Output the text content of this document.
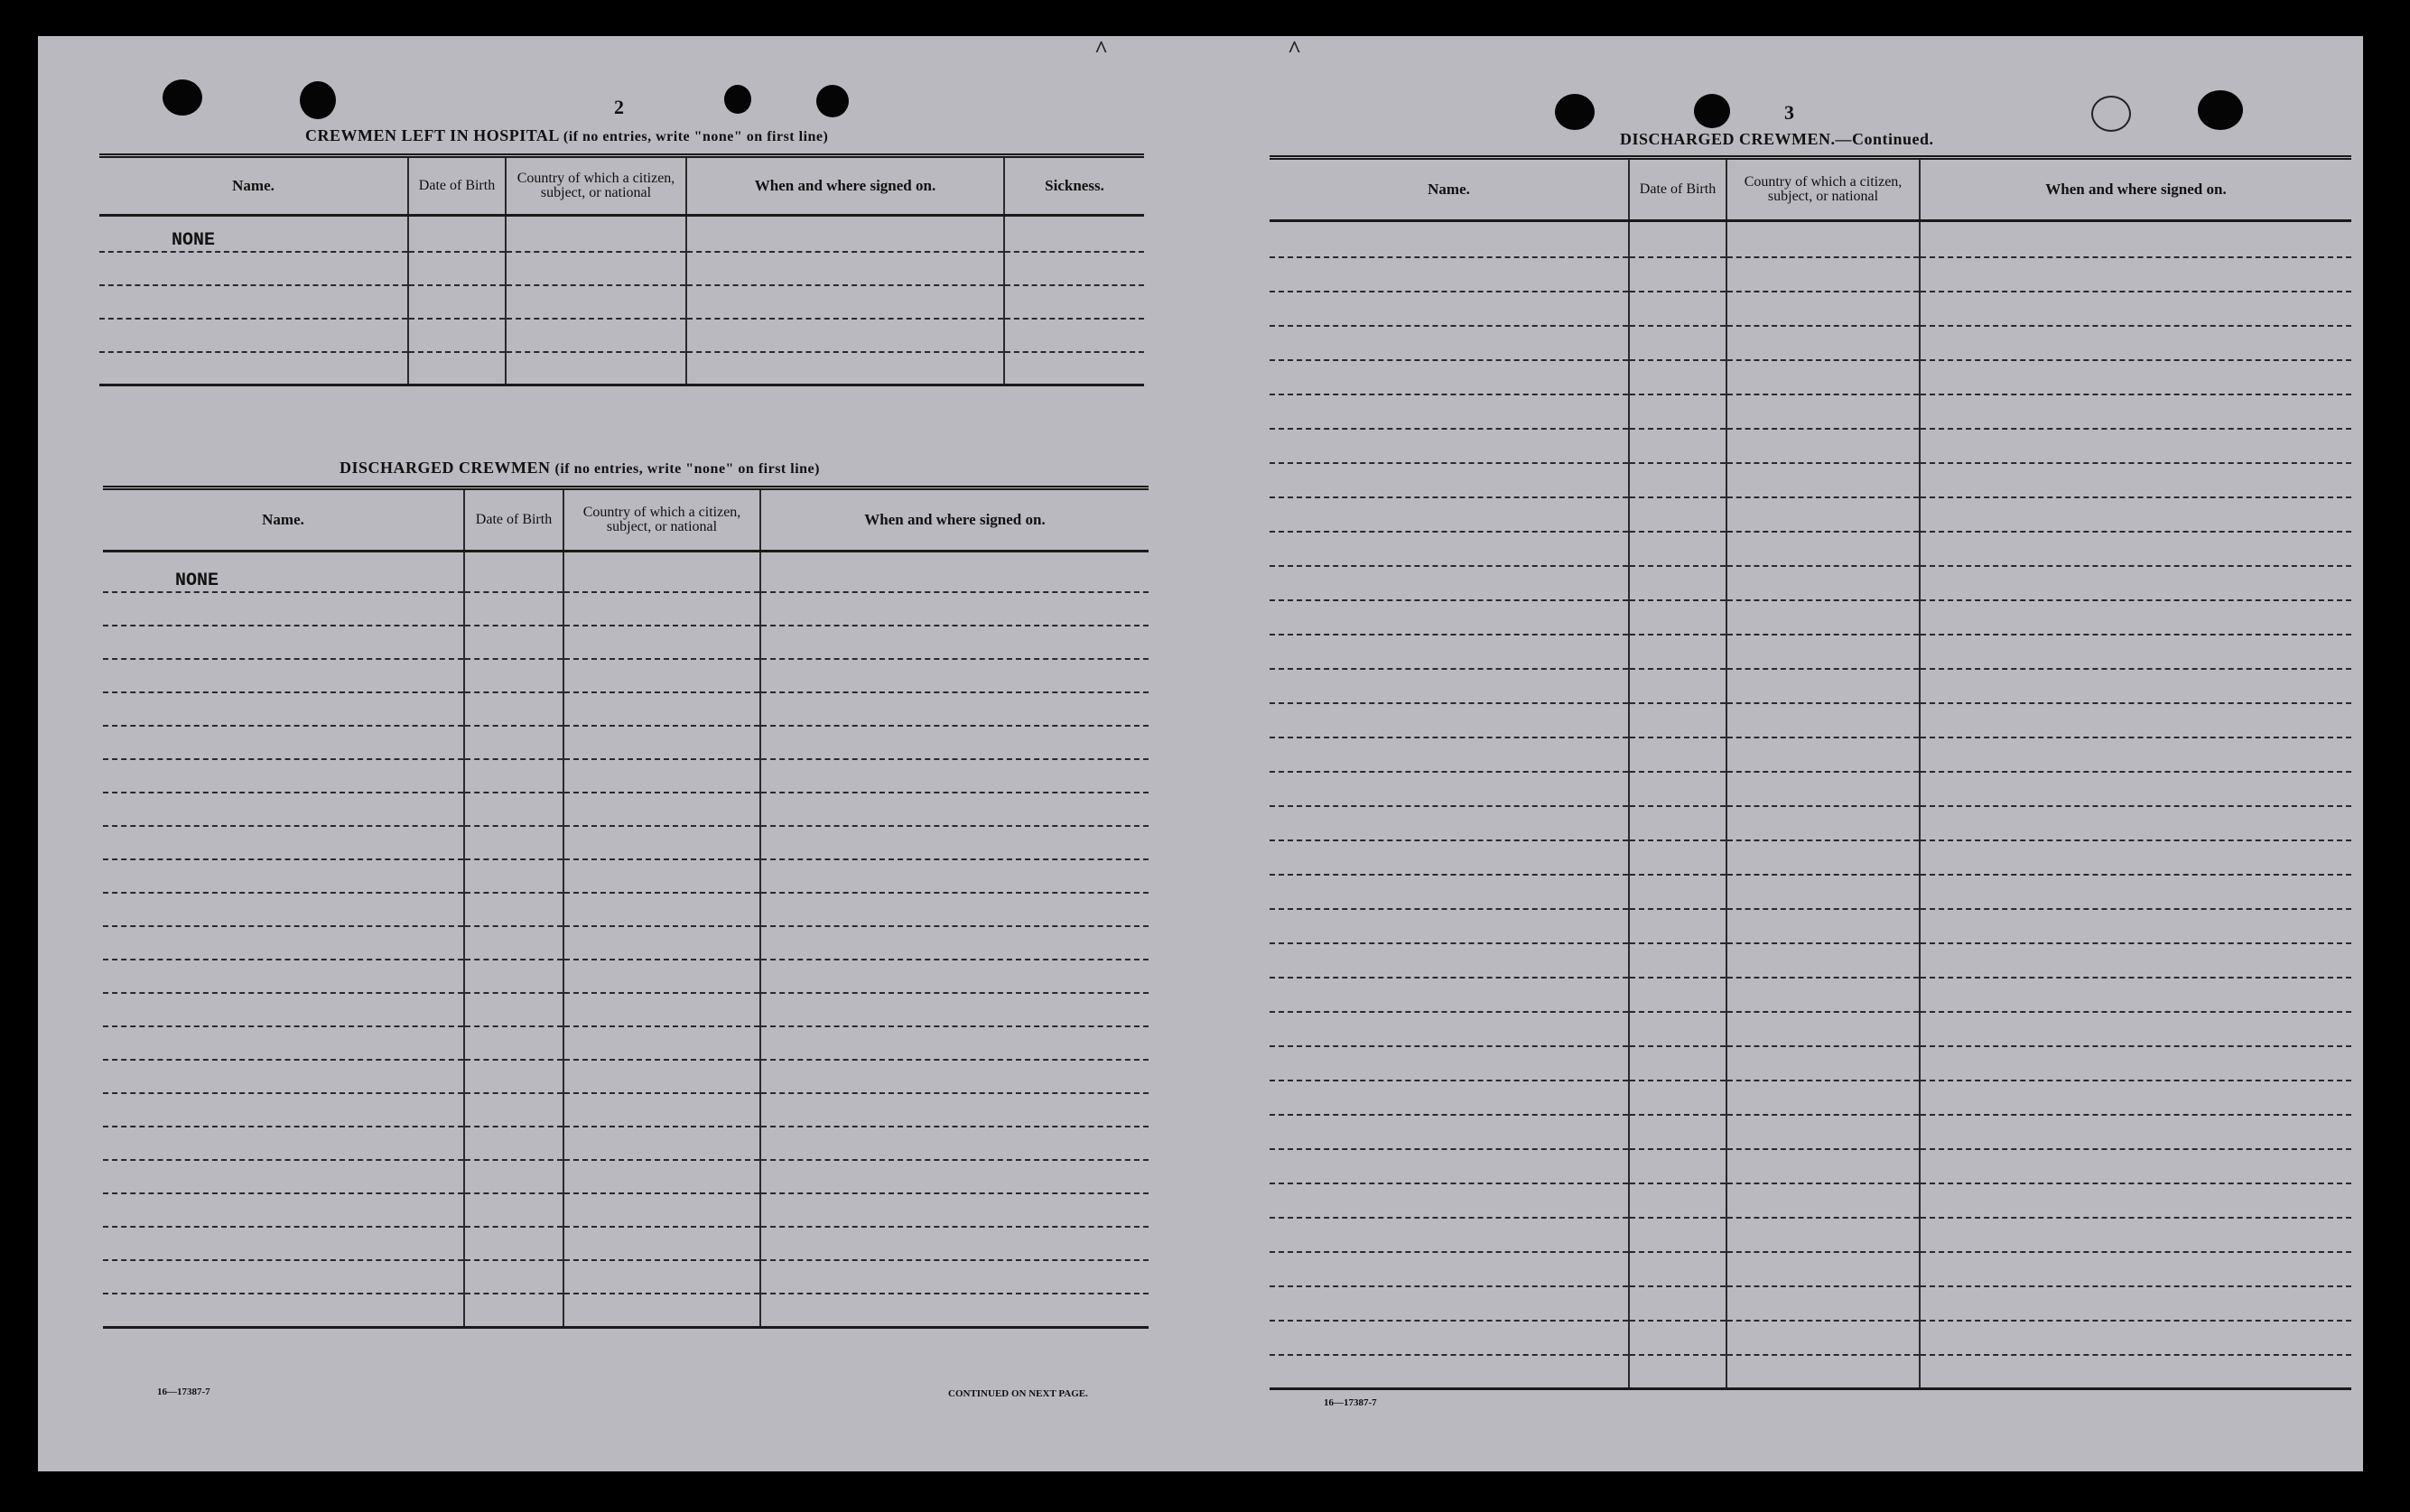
^	^
2
CREWMEN LEFT IN HOSPITAL (if no entries, write "none" on first line)
Name.	Date of Birth	Country of which a citizen, subject, or national	When and where signed on.	Sickness.
NONE				

DISCHARGED CREWMEN (if no entries, write "none" on first line)
Name.	Date of Birth	Country of which a citizen, subject, or national	When and where signed on.
NONE			

16—17387-7	CONTINUED ON NEXT PAGE.
3
DISCHARGED CREWMEN.—Continued.
Name.	Date of Birth	Country of which a citizen, subject, or national	When and where signed on.

16—17387-7
